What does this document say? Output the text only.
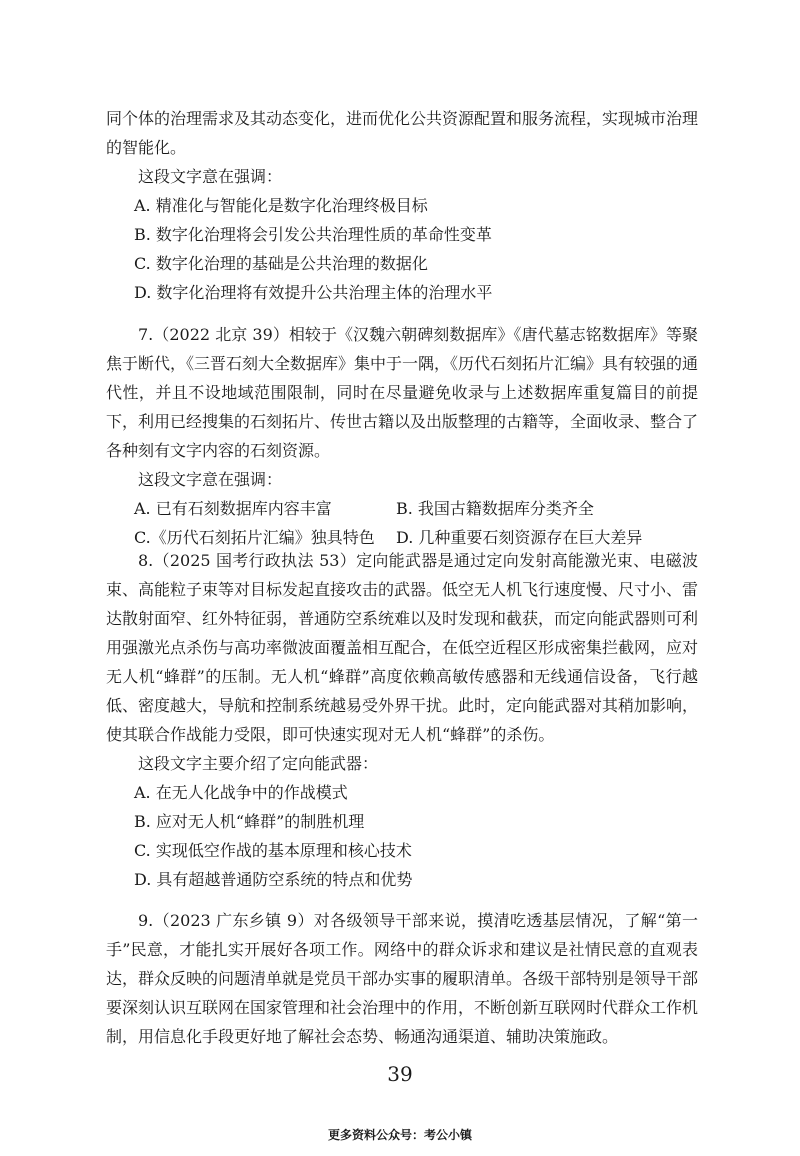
同个体的治理需求及其动态变化，进而优化公共资源配置和服务流程，实现城市治理的智能化。

这段文字意在强调：

A. 精准化与智能化是数字化治理终极目标

B. 数字化治理将会引发公共治理性质的革命性变革

C. 数字化治理的基础是公共治理的数据化

D. 数字化治理将有效提升公共治理主体的治理水平

7.（2022 北京 39）相较于《汉魏六朝碑刻数据库》《唐代墓志铭数据库》等聚焦于断代，《三晋石刻大全数据库》集中于一隅，《历代石刻拓片汇编》具有较强的通代性，并且不设地域范围限制，同时在尽量避免收录与上述数据库重复篇目的前提下，利用已经搜集的石刻拓片、传世古籍以及出版整理的古籍等，全面收录、整合了各种刻有文字内容的石刻资源。

这段文字意在强调：

A. 已有石刻数据库内容丰富	B. 我国古籍数据库分类齐全
C.《历代石刻拓片汇编》独具特色	D. 几种重要石刻资源存在巨大差异

8.（2025 国考行政执法 53）定向能武器是通过定向发射高能激光束、电磁波束、高能粒子束等对目标发起直接攻击的武器。低空无人机飞行速度慢、尺寸小、雷达散射面窄、红外特征弱，普通防空系统难以及时发现和截获，而定向能武器则可利用强激光点杀伤与高功率微波面覆盖相互配合，在低空近程区形成密集拦截网，应对无人机“蜂群”的压制。无人机“蜂群”高度依赖高敏传感器和无线通信设备，飞行越低、密度越大，导航和控制系统越易受外界干扰。此时，定向能武器对其稍加影响，使其联合作战能力受限，即可快速实现对无人机“蜂群”的杀伤。

这段文字主要介绍了定向能武器：

A. 在无人化战争中的作战模式

B. 应对无人机“蜂群”的制胜机理

C. 实现低空作战的基本原理和核心技术

D. 具有超越普通防空系统的特点和优势

9.（2023 广东乡镇 9）对各级领导干部来说，摸清吃透基层情况，了解“第一手”民意，才能扎实开展好各项工作。网络中的群众诉求和建议是社情民意的直观表达，群众反映的问题清单就是党员干部办实事的履职清单。各级干部特别是领导干部要深刻认识互联网在国家管理和社会治理中的作用，不断创新互联网时代群众工作机制，用信息化手段更好地了解社会态势、畅通沟通渠道、辅助决策施政。

39
更多资料公众号：考公小镇
